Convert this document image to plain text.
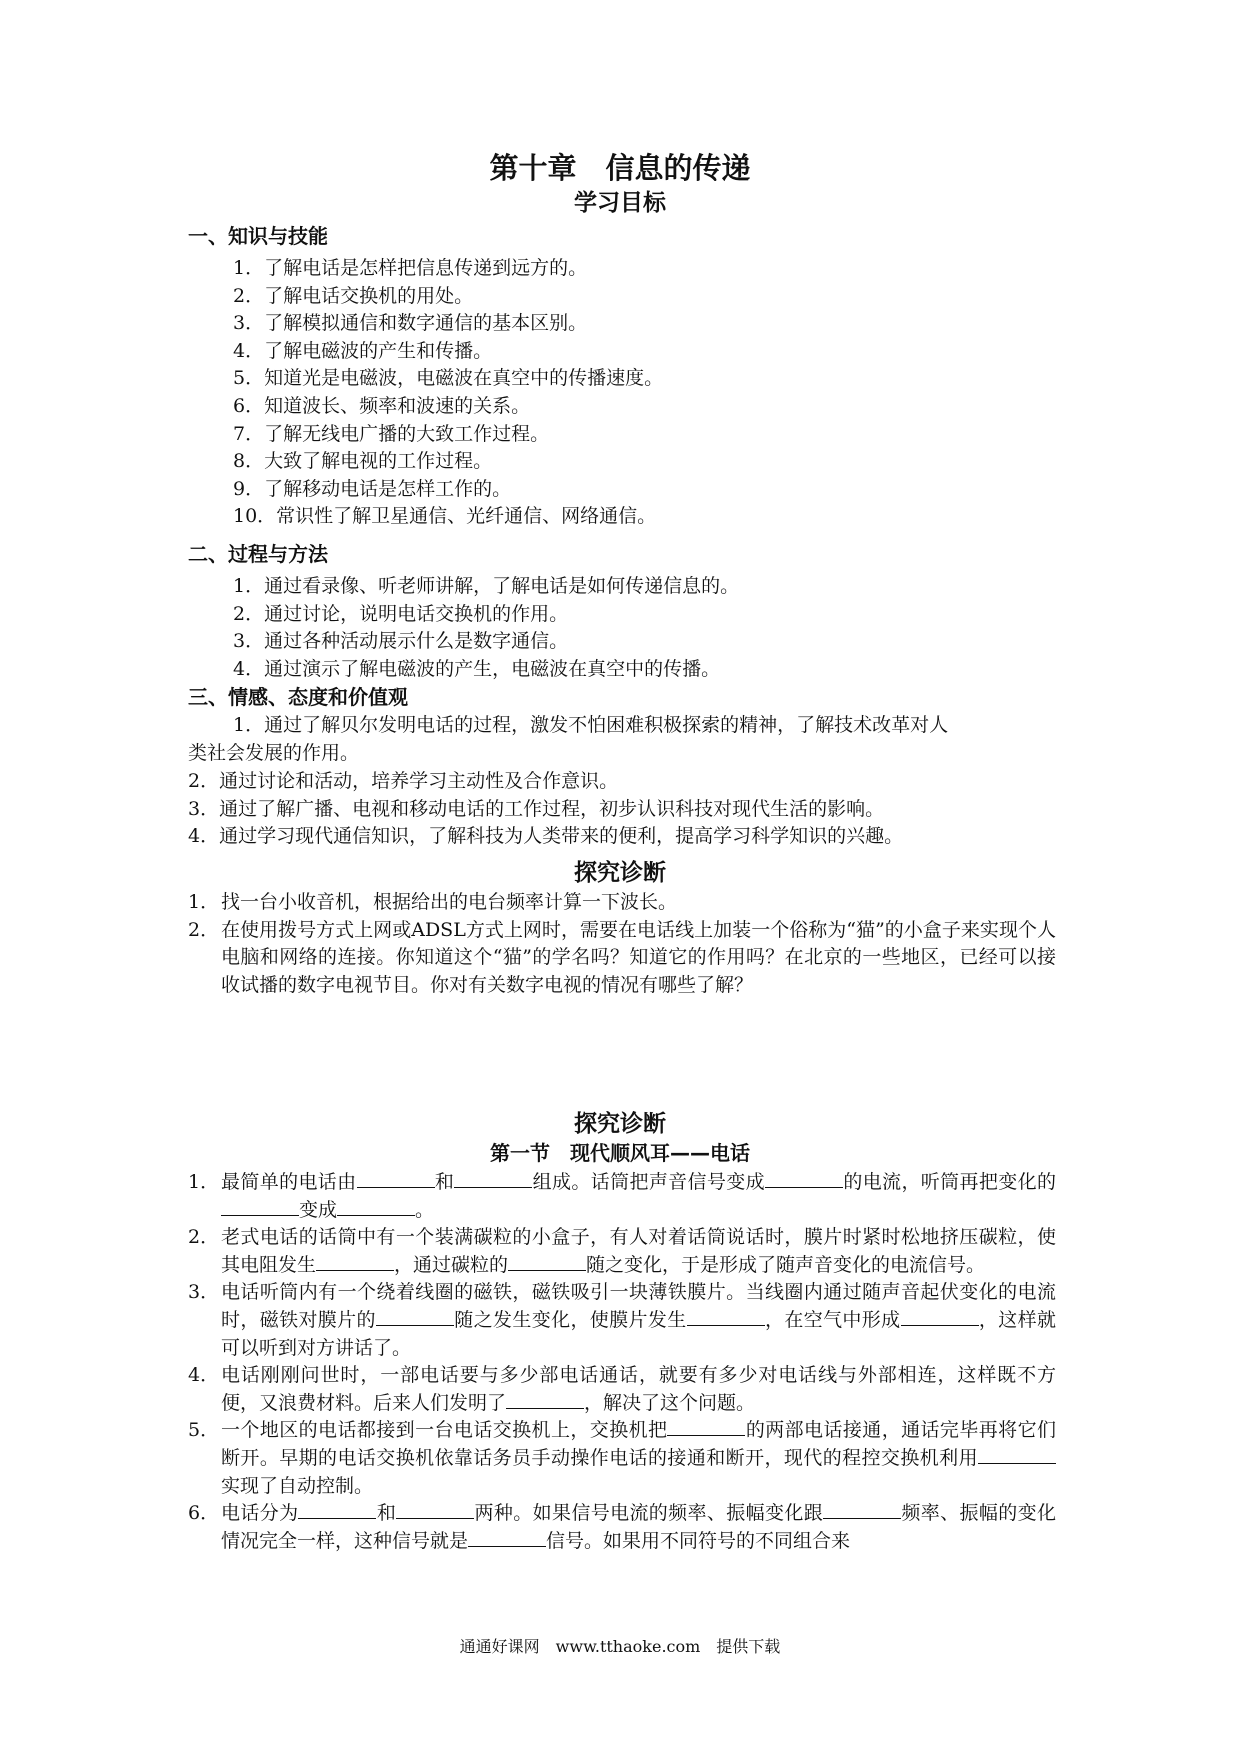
第十章　信息的传递
学习目标
一、知识与技能
1．了解电话是怎样把信息传递到远方的。
2．了解电话交换机的用处。
3．了解模拟通信和数字通信的基本区别。
4．了解电磁波的产生和传播。
5．知道光是电磁波，电磁波在真空中的传播速度。
6．知道波长、频率和波速的关系。
7．了解无线电广播的大致工作过程。
8．大致了解电视的工作过程。
9．了解移动电话是怎样工作的。
10．常识性了解卫星通信、光纤通信、网络通信。
二、过程与方法
1．通过看录像、听老师讲解，了解电话是如何传递信息的。
2．通过讨论，说明电话交换机的作用。
3．通过各种活动展示什么是数字通信。
4．通过演示了解电磁波的产生，电磁波在真空中的传播。
三、情感、态度和价值观
1．通过了解贝尔发明电话的过程，激发不怕困难积极探索的精神，了解技术改革对人
类社会发展的作用。
2．通过讨论和活动，培养学习主动性及合作意识。
3．通过了解广播、电视和移动电话的工作过程，初步认识科技对现代生活的影响。
4．通过学习现代通信知识，了解科技为人类带来的便利，提高学习科学知识的兴趣。
探究诊断
1． 找一台小收音机，根据给出的电台频率计算一下波长。
2． 在使用拨号方式上网或ADSL方式上网时，需要在电话线上加装一个俗称为“猫”的小盒子来实现个人电脑和网络的连接。你知道这个“猫”的学名吗？知道它的作用吗？在北京的一些地区，已经可以接收试播的数字电视节目。你对有关数字电视的情况有哪些了解？
探究诊断
第一节　现代顺风耳——电话
1． 最简单的电话由	和	组成。话筒把声音信号变成	的电流，听筒再把变化的变成	。
2． 老式电话的话筒中有一个装满碳粒的小盒子，有人对着话筒说话时，膜片时紧时松地挤压碳粒，使其电阻发生	，通过碳粒的	随之变化，于是形成了随声音变化的电流信号。
3． 电话听筒内有一个绕着线圈的磁铁，磁铁吸引一块薄铁膜片。当线圈内通过随声音起伏变化的电流时，磁铁对膜片的	随之发生变化，使膜片发生	，在空气中形成	，这样就可以听到对方讲话了。
4． 电话刚刚问世时，一部电话要与多少部电话通话，就要有多少对电话线与外部相连，这样既不方便，又浪费材料。后来人们发明了	，解决了这个问题。
5． 一个地区的电话都接到一台电话交换机上，交换机把	的两部电话接通，通话完毕再将它们断开。早期的电话交换机依靠话务员手动操作电话的接通和断开，现代的程控交换机利用实现了自动控制。
6． 电话分为	和	两种。如果信号电流的频率、振幅变化跟	频率、振幅的变化情况完全一样，这种信号就是	信号。如果用不同符号的不同组合来
通通好课网　www.tthaoke.com　提供下载
